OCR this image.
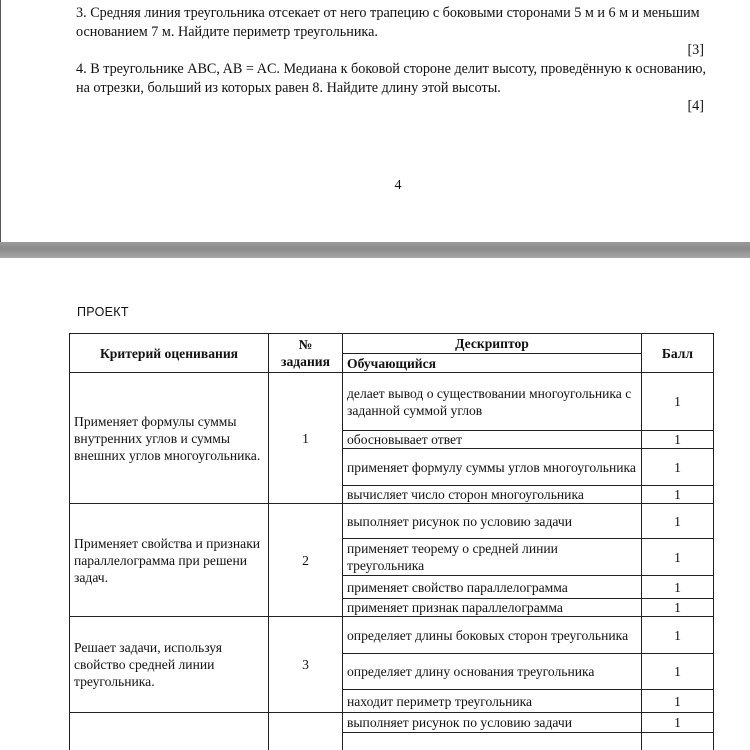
3. Средняя линия треугольника отсекает от него трапецию с боковыми сторонами 5 м и 6 м и меньшим основанием 7 м. Найдите периметр треугольника.
[3]
4. В треугольнике ABC, AB = AC. Медиана к боковой стороне делит высоту, проведённую к основанию, на отрезки, больший из которых равен 8. Найдите длину этой высоты.
[4]
4
ПРОЕКТ
Критерий оценивания	№ задания	Дескриптор	Балл
		Обучающийся	
Применяет формулы суммы внутренних углов и суммы внешних углов многоугольника.	1	делает вывод о существовании многоугольника с заданной суммой углов	1
		обосновывает ответ	1
		применяет формулу суммы углов многоугольника	1
		вычисляет число сторон многоугольника	1
Применяет свойства и признаки параллелограмма при решени задач.	2	выполняет рисунок по условию задачи	1
		применяет теорему о средней линии треугольника	1
		применяет свойство параллелограмма	1
		применяет признак параллелограмма	1
Решает задачи, используя свойство средней линии треугольника.	3	определяет длины боковых сторон треугольника	1
		определяет длину основания треугольника	1
		находит периметр треугольника	1
		выполняет рисунок по условию задачи	1
